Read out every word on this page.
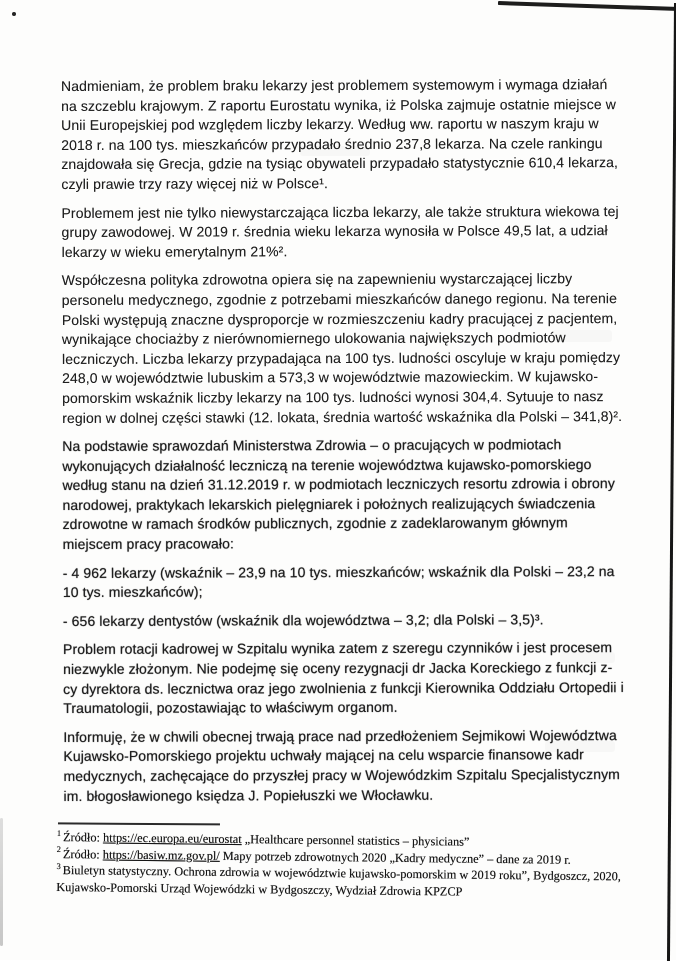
Nadmieniam, że problem braku lekarzy jest problemem systemowym i wymaga działań na szczeblu krajowym. Z raportu Eurostatu wynika, iż Polska zajmuje ostatnie miejsce w Unii Europejskiej pod względem liczby lekarzy. Według ww. raportu w naszym kraju w 2018 r. na 100 tys. mieszkańców przypadało średnio 237,8 lekarza. Na czele rankingu znajdowała się Grecja, gdzie na tysiąc obywateli przypadało statystycznie 610,4 lekarza, czyli prawie trzy razy więcej niż w Polsce¹.

Problemem jest nie tylko niewystarczająca liczba lekarzy, ale także struktura wiekowa tej grupy zawodowej. W 2019 r. średnia wieku lekarza wynosiła w Polsce 49,5 lat, a udział lekarzy w wieku emerytalnym 21%².

Współczesna polityka zdrowotna opiera się na zapewnieniu wystarczającej liczby personelu medycznego, zgodnie z potrzebami mieszkańców danego regionu. Na terenie Polski występują znaczne dysproporcje w rozmieszczeniu kadry pracującej z pacjentem, wynikające chociażby z nierównomiernego ulokowania największych podmiotów leczniczych. Liczba lekarzy przypadająca na 100 tys. ludności oscyluje w kraju pomiędzy 248,0 w województwie lubuskim a 573,3 w województwie mazowieckim. W kujawsko-pomorskim wskaźnik liczby lekarzy na 100 tys. ludności wynosi 304,4. Sytuuje to nasz region w dolnej części stawki (12. lokata, średnia wartość wskaźnika dla Polski – 341,8)².

Na podstawie sprawozdań Ministerstwa Zdrowia – o pracujących w podmiotach wykonujących działalność leczniczą na terenie województwa kujawsko-pomorskiego według stanu na dzień 31.12.2019 r. w podmiotach leczniczych resortu zdrowia i obrony narodowej, praktykach lekarskich pielęgniarek i położnych realizujących świadczenia zdrowotne w ramach środków publicznych, zgodnie z zadeklarowanym głównym miejscem pracy pracowało:

- 4 962 lekarzy (wskaźnik – 23,9 na 10 tys. mieszkańców; wskaźnik dla Polski – 23,2 na 10 tys. mieszkańców);

- 656 lekarzy dentystów (wskaźnik dla województwa – 3,2; dla Polski – 3,5)³.

Problem rotacji kadrowej w Szpitalu wynika zatem z szeregu czynników i jest procesem niezwykle złożonym. Nie podejmę się oceny rezygnacji dr Jacka Koreckiego z funkcji z-cy dyrektora ds. lecznictwa oraz jego zwolnienia z funkcji Kierownika Oddziału Ortopedii i Traumatologii, pozostawiając to właściwym organom.

Informuję, że w chwili obecnej trwają prace nad przedłożeniem Sejmikowi Województwa Kujawsko-Pomorskiego projektu uchwały mającej na celu wsparcie finansowe kadr medycznych, zachęcające do przyszłej pracy w Wojewódzkim Szpitalu Specjalistycznym im. błogosławionego księdza J. Popiełuszki we Włocławku.

$^1$ Źródło: https://ec.europa.eu/eurostat „Healthcare personnel statistics – physicians”
$^2$ Źródło: https://basiw.mz.gov.pl/ Mapy potrzeb zdrowotnych 2020 „Kadry medyczne” – dane za 2019 r.
$^3$ Biuletyn statystyczny. Ochrona zdrowia w województwie kujawsko-pomorskim w 2019 roku”, Bydgoszcz, 2020, Kujawsko-Pomorski Urząd Wojewódzki w Bydgoszczy, Wydział Zdrowia KPZCP
